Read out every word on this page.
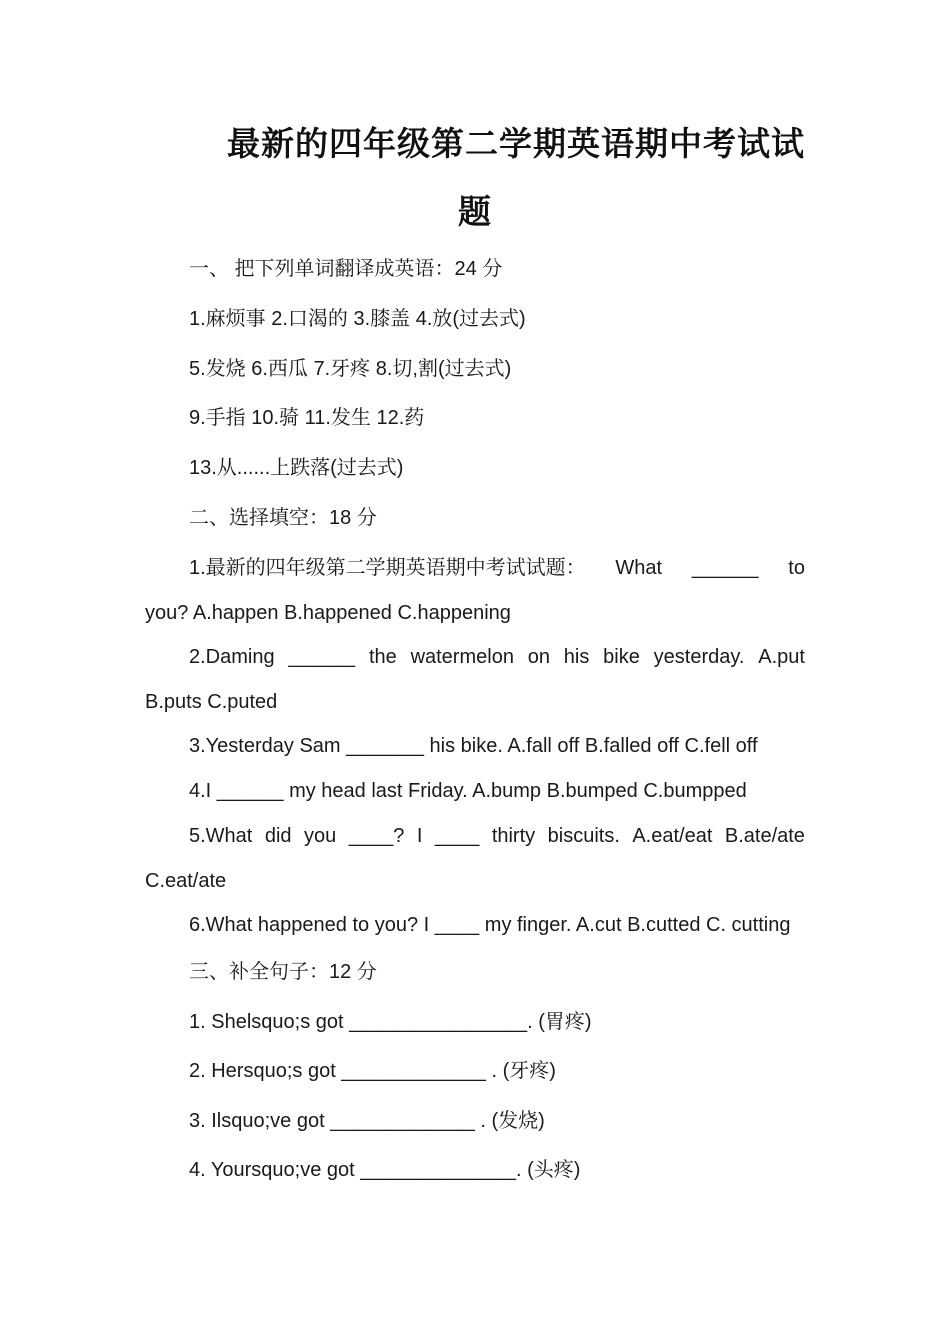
最新的四年级第二学期英语期中考试试
题
一、 把下列单词翻译成英语：24 分
1.麻烦事 2.口渴的 3.膝盖 4.放(过去式)
5.发烧 6.西瓜 7.牙疼 8.切,割(过去式)
9.手指 10.骑 11.发生 12.药
13.从......上跌落(过去式)
二、选择填空：18 分
1.最新的四年级第二学期英语期中考试试题： What ______ to
you? A.happen B.happened C.happening
2.Daming ______ the watermelon on his bike yesterday. A.put
B.puts C.puted
3.Yesterday Sam _______ his bike. A.fall off B.falled off C.fell off
4.I ______ my head last Friday. A.bump B.bumped C.bumpped
5.What did you ____? I ____ thirty biscuits. A.eat/eat B.ate/ate
C.eat/ate
6.What happened to you? I ____ my finger. A.cut B.cutted C. cutting
三、补全句子：12 分
1. Shelsquo;s got ________________. (胃疼)
2. Hersquo;s got _____________ . (牙疼)
3. Ilsquo;ve got _____________ . (发烧)
4. Yoursquo;ve got ______________. (头疼)
